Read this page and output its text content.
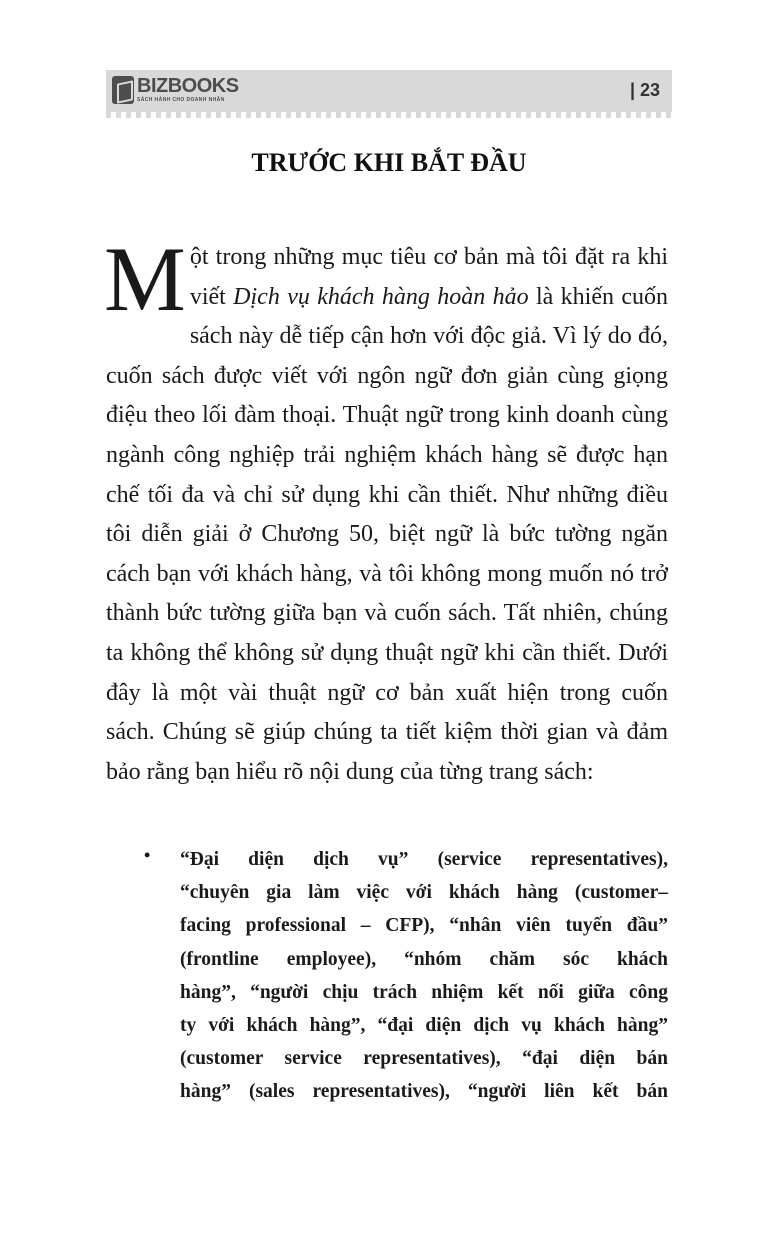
BIZBOOKS
SÁCH HÀNH CHO DOANH NHÂN	| 23
TRƯỚC KHI BẮT ĐẦU

Một trong những mục tiêu cơ bản mà tôi đặt ra khi viết Dịch vụ khách hàng hoàn hảo là khiến cuốn sách này dễ tiếp cận hơn với độc giả. Vì lý do đó, cuốn sách được viết với ngôn ngữ đơn giản cùng giọng điệu theo lối đàm thoại. Thuật ngữ trong kinh doanh cùng ngành công nghiệp trải nghiệm khách hàng sẽ được hạn chế tối đa và chỉ sử dụng khi cần thiết. Như những điều tôi diễn giải ở Chương 50, biệt ngữ là bức tường ngăn cách bạn với khách hàng, và tôi không mong muốn nó trở thành bức tường giữa bạn và cuốn sách. Tất nhiên, chúng ta không thể không sử dụng thuật ngữ khi cần thiết. Dưới đây là một vài thuật ngữ cơ bản xuất hiện trong cuốn sách. Chúng sẽ giúp chúng ta tiết kiệm thời gian và đảm bảo rằng bạn hiểu rõ nội dung của từng trang sách:

• “Đại diện dịch vụ” (service representatives),
“chuyên gia làm việc với khách hàng (customer–
facing professional – CFP), “nhân viên tuyến đầu”
(frontline employee), “nhóm chăm sóc khách
hàng”, “người chịu trách nhiệm kết nối giữa công
ty với khách hàng”, “đại diện dịch vụ khách hàng”
(customer service representatives), “đại diện bán
hàng” (sales representatives), “người liên kết bán
